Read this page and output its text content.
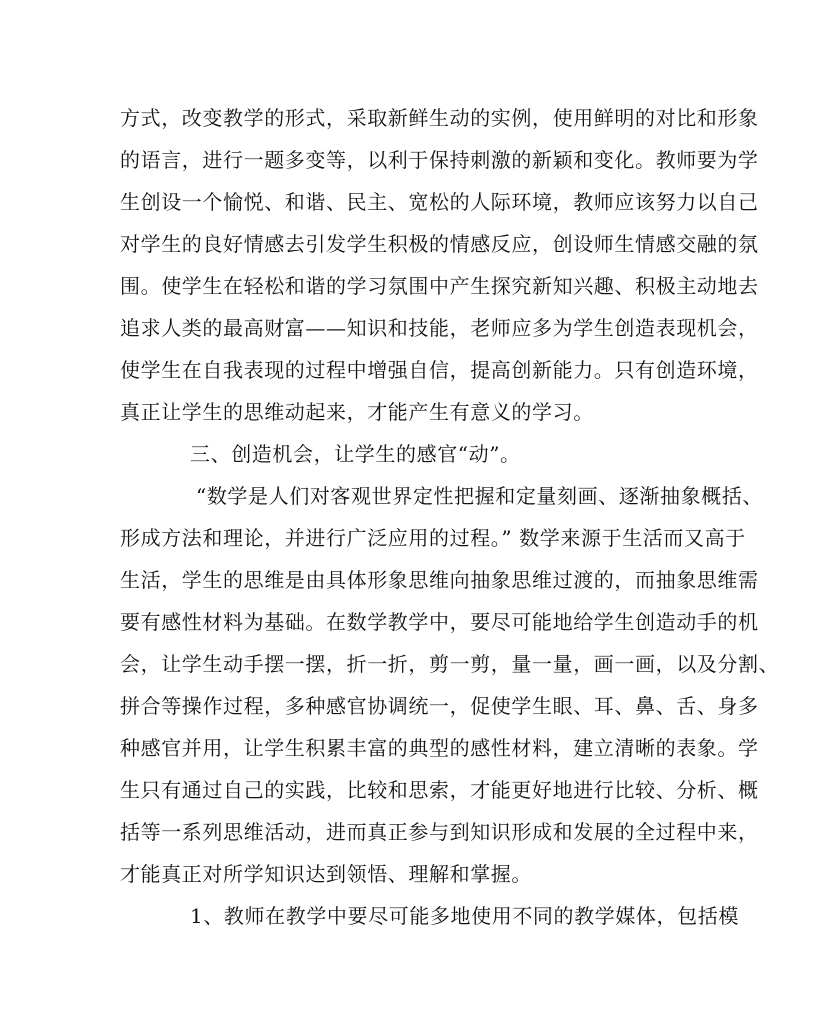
方式，改变教学的形式，采取新鲜生动的实例，使用鲜明的对比和形象
的语言，进行一题多变等，以利于保持刺激的新颖和变化。教师要为学
生创设一个愉悦、和谐、民主、宽松的人际环境，教师应该努力以自己
对学生的良好情感去引发学生积极的情感反应，创设师生情感交融的氛
围。使学生在轻松和谐的学习氛围中产生探究新知兴趣、积极主动地去
追求人类的最高财富——知识和技能，老师应多为学生创造表现机会，
使学生在自我表现的过程中增强自信，提高创新能力。只有创造环境，
真正让学生的思维动起来，才能产生有意义的学习。
三、创造机会，让学生的感官“动”。
“数学是人们对客观世界定性把握和定量刻画、逐渐抽象概括、
形成方法和理论，并进行广泛应用的过程。” 数学来源于生活而又高于
生活，学生的思维是由具体形象思维向抽象思维过渡的，而抽象思维需
要有感性材料为基础。在数学教学中，要尽可能地给学生创造动手的机
会，让学生动手摆一摆，折一折，剪一剪，量一量，画一画，以及分割、
拼合等操作过程，多种感官协调统一，促使学生眼、耳、鼻、舌、身多
种感官并用，让学生积累丰富的典型的感性材料，建立清晰的表象。学
生只有通过自己的实践，比较和思索，才能更好地进行比较、分析、概
括等一系列思维活动，进而真正参与到知识形成和发展的全过程中来，
才能真正对所学知识达到领悟、理解和掌握。
1、教师在教学中要尽可能多地使用不同的教学媒体，包括模
